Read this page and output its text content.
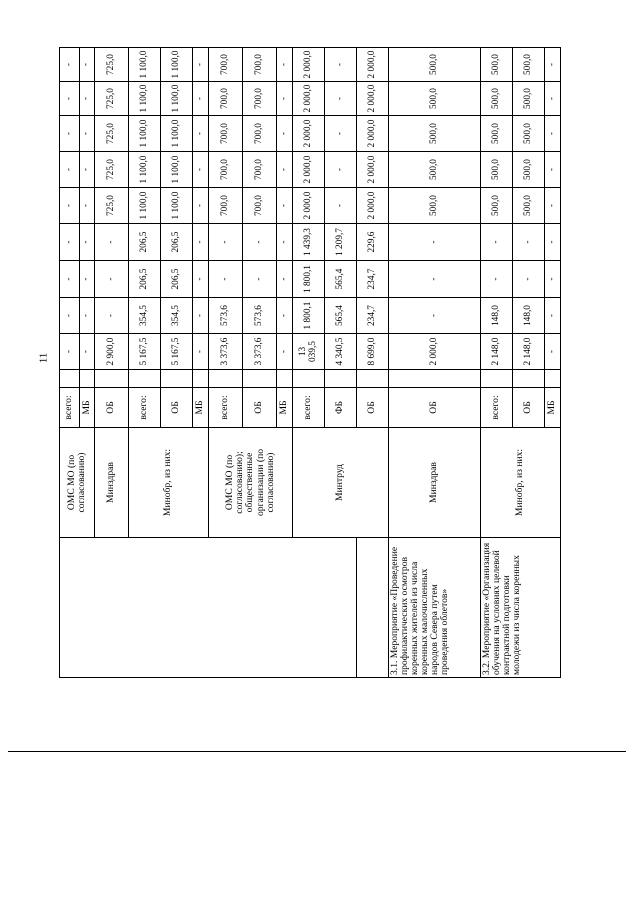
11
	ОМС МО (по согласованию)	всего:		-	-	-	-	-	-	-	-	-
		МБ		-	-	-	-	-	-	-	-	-
	Минздрав	ОБ		2 900,0	-	-	-	725,0	725,0	725,0	725,0	725,0
	Минобр, из них:	всего:		5 167,5	354,5	206,5	206,5	1 100,0	1 100,0	1 100,0	1 100,0	1 100,0
		ОБ		5 167,5	354,5	206,5	206,5	1 100,0	1 100,0	1 100,0	1 100,0	1 100,0
		МБ		-	-	-	-	-	-	-	-	-
	ОМС МО (по согласованию); общественные организации (по согласованию)	всего:		3 373,6	573,6	-	-	700,0	700,0	700,0	700,0	700,0
		ОБ		3 373,6	573,6	-	-	700,0	700,0	700,0	700,0	700,0
		МБ		-	-	-	-	-	-	-	-	-
	Минтруд	всего:		13 039,5	1 800,1	1 800,1	1 439,3	2 000,0	2 000,0	2 000,0	2 000,0	2 000,0
		ФБ		4 340,5	565,4	565,4	1 209,7	-	-	-	-	-
		ОБ		8 699,0	234,7	234,7	229,6	2 000,0	2 000,0	2 000,0	2 000,0	2 000,0
3.1. Мероприятие «Проведение профилактических осмотров коренных жителей из числа коренных малочисленных народов Севера путем проведения облетов»	Минздрав	ОБ		2 000,0	-	-	-	500,0	500,0	500,0	500,0	500,0
3.2. Мероприятие «Организация обучения на условиях целевой контрактной подготовки молодежи из числа коренных	Минобр, из них:	всего:		2 148,0	148,0	-	-	500,0	500,0	500,0	500,0	500,0
		ОБ		2 148,0	148,0	-	-	500,0	500,0	500,0	500,0	500,0
		МБ		-	-	-	-	-	-	-	-	-
